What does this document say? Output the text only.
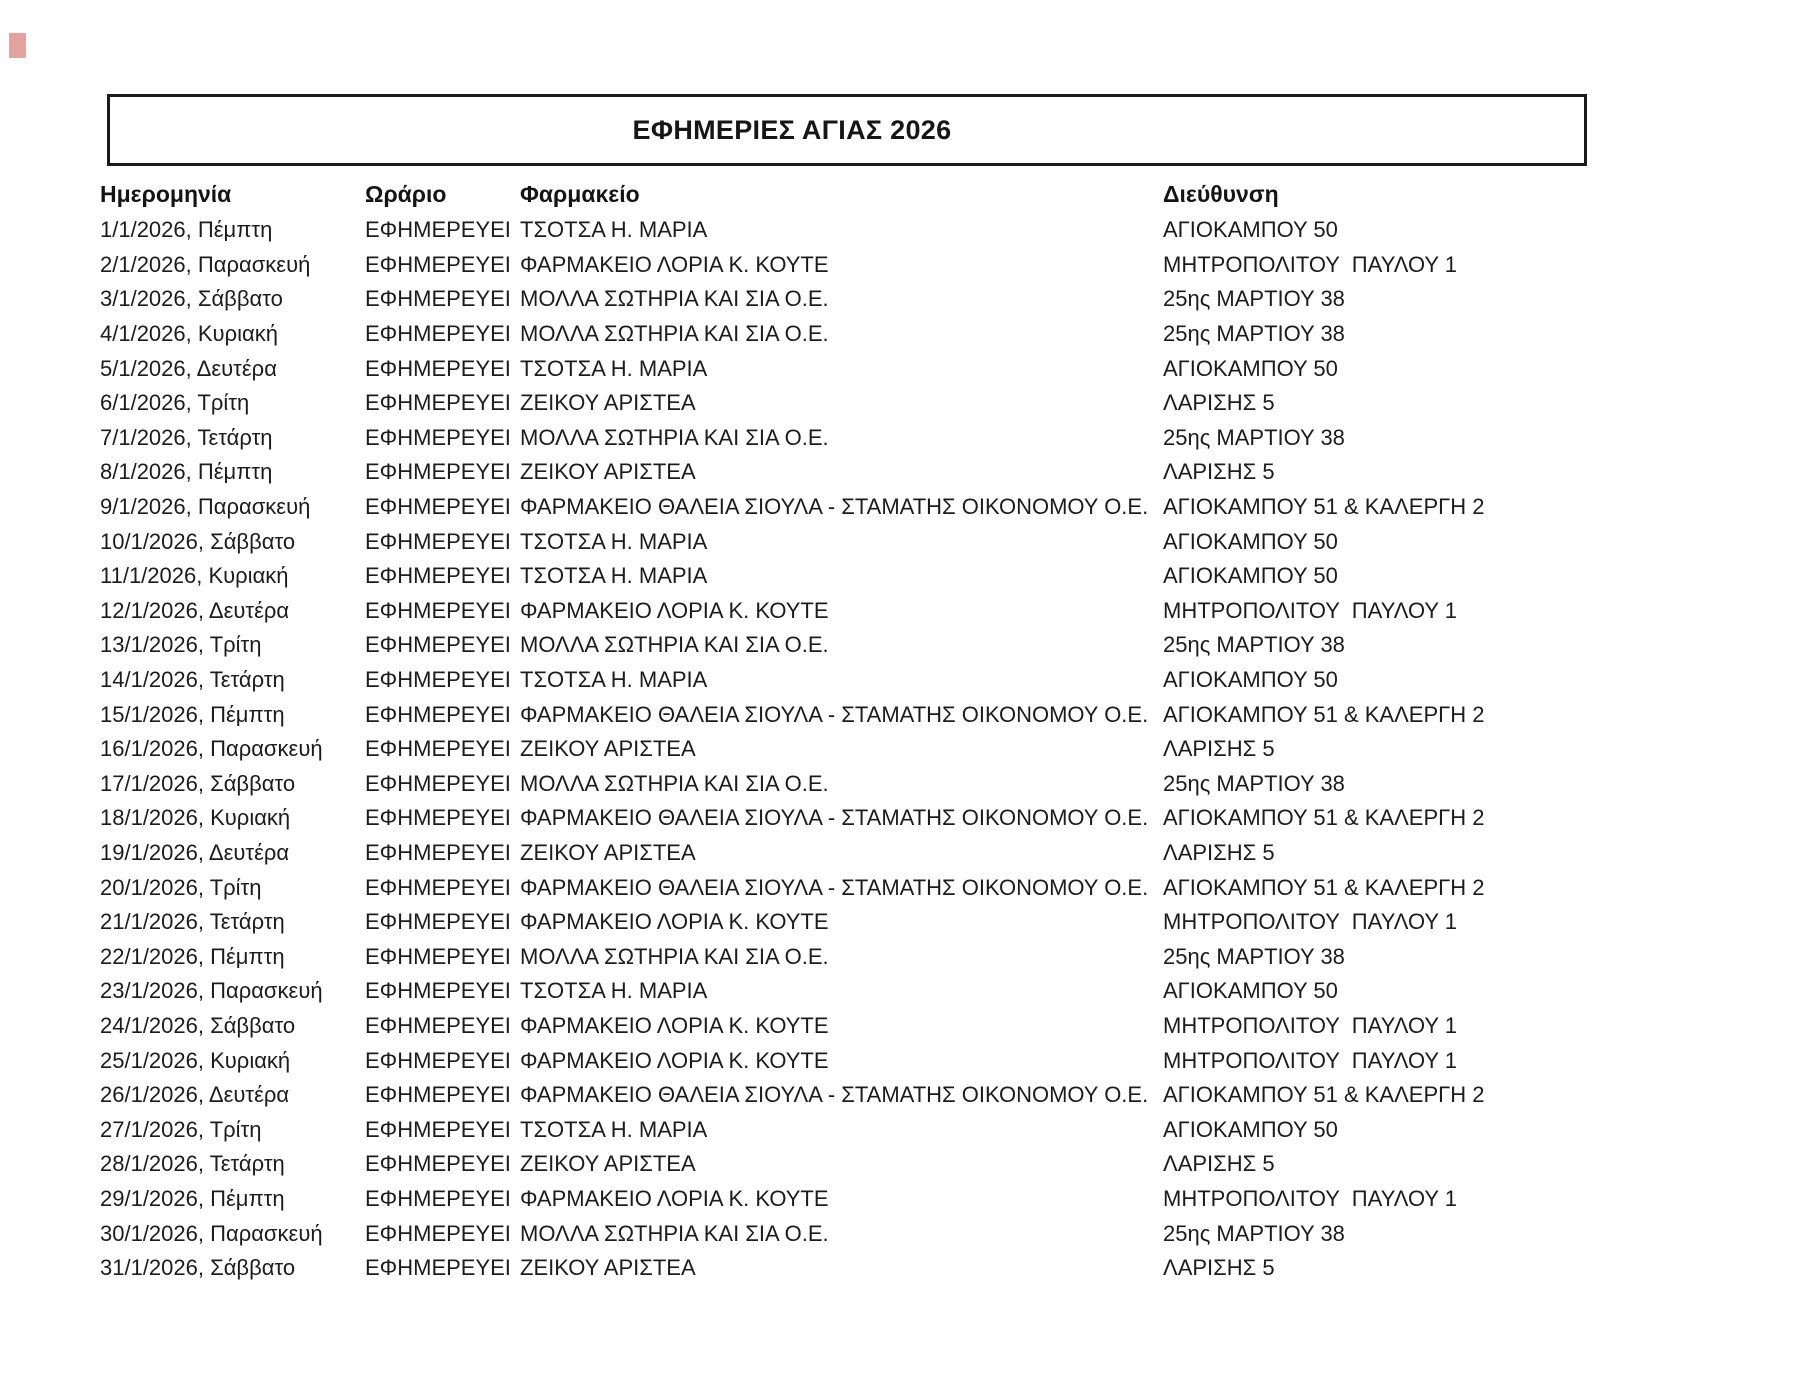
ΕΦΗΜΕΡΙΕΣ ΑΓΙΑΣ 2026
Ημερομηνία	Ωράριο	Φαρμακείο	Διεύθυνση
1/1/2026, Πέμπτη	ΕΦΗΜΕΡΕΥΕΙ	ΤΣΟΤΣΑ Η. ΜΑΡΙΑ	ΑΓΙΟΚΑΜΠΟΥ 50
2/1/2026, Παρασκευή	ΕΦΗΜΕΡΕΥΕΙ	ΦΑΡΜΑΚΕΙΟ ΛΟΡΙΑ Κ. ΚΟΥΤΕ	ΜΗΤΡΟΠΟΛΙΤΟΥ  ΠΑΥΛΟΥ 1
3/1/2026, Σάββατο	ΕΦΗΜΕΡΕΥΕΙ	ΜΟΛΛΑ ΣΩΤΗΡΙΑ ΚΑΙ ΣΙΑ Ο.Ε.	25ης ΜΑΡΤΙΟΥ 38
4/1/2026, Κυριακή	ΕΦΗΜΕΡΕΥΕΙ	ΜΟΛΛΑ ΣΩΤΗΡΙΑ ΚΑΙ ΣΙΑ Ο.Ε.	25ης ΜΑΡΤΙΟΥ 38
5/1/2026, Δευτέρα	ΕΦΗΜΕΡΕΥΕΙ	ΤΣΟΤΣΑ Η. ΜΑΡΙΑ	ΑΓΙΟΚΑΜΠΟΥ 50
6/1/2026, Τρίτη	ΕΦΗΜΕΡΕΥΕΙ	ΖΕΙΚΟΥ ΑΡΙΣΤΕΑ	ΛΑΡΙΣΗΣ 5
7/1/2026, Τετάρτη	ΕΦΗΜΕΡΕΥΕΙ	ΜΟΛΛΑ ΣΩΤΗΡΙΑ ΚΑΙ ΣΙΑ Ο.Ε.	25ης ΜΑΡΤΙΟΥ 38
8/1/2026, Πέμπτη	ΕΦΗΜΕΡΕΥΕΙ	ΖΕΙΚΟΥ ΑΡΙΣΤΕΑ	ΛΑΡΙΣΗΣ 5
9/1/2026, Παρασκευή	ΕΦΗΜΕΡΕΥΕΙ	ΦΑΡΜΑΚΕΙΟ ΘΑΛΕΙΑ ΣΙΟΥΛΑ - ΣΤΑΜΑΤΗΣ ΟΙΚΟΝΟΜΟΥ Ο.Ε.	ΑΓΙΟΚΑΜΠΟΥ 51 & ΚΑΛΕΡΓΗ 2
10/1/2026, Σάββατο	ΕΦΗΜΕΡΕΥΕΙ	ΤΣΟΤΣΑ Η. ΜΑΡΙΑ	ΑΓΙΟΚΑΜΠΟΥ 50
11/1/2026, Κυριακή	ΕΦΗΜΕΡΕΥΕΙ	ΤΣΟΤΣΑ Η. ΜΑΡΙΑ	ΑΓΙΟΚΑΜΠΟΥ 50
12/1/2026, Δευτέρα	ΕΦΗΜΕΡΕΥΕΙ	ΦΑΡΜΑΚΕΙΟ ΛΟΡΙΑ Κ. ΚΟΥΤΕ	ΜΗΤΡΟΠΟΛΙΤΟΥ  ΠΑΥΛΟΥ 1
13/1/2026, Τρίτη	ΕΦΗΜΕΡΕΥΕΙ	ΜΟΛΛΑ ΣΩΤΗΡΙΑ ΚΑΙ ΣΙΑ Ο.Ε.	25ης ΜΑΡΤΙΟΥ 38
14/1/2026, Τετάρτη	ΕΦΗΜΕΡΕΥΕΙ	ΤΣΟΤΣΑ Η. ΜΑΡΙΑ	ΑΓΙΟΚΑΜΠΟΥ 50
15/1/2026, Πέμπτη	ΕΦΗΜΕΡΕΥΕΙ	ΦΑΡΜΑΚΕΙΟ ΘΑΛΕΙΑ ΣΙΟΥΛΑ - ΣΤΑΜΑΤΗΣ ΟΙΚΟΝΟΜΟΥ Ο.Ε.	ΑΓΙΟΚΑΜΠΟΥ 51 & ΚΑΛΕΡΓΗ 2
16/1/2026, Παρασκευή	ΕΦΗΜΕΡΕΥΕΙ	ΖΕΙΚΟΥ ΑΡΙΣΤΕΑ	ΛΑΡΙΣΗΣ 5
17/1/2026, Σάββατο	ΕΦΗΜΕΡΕΥΕΙ	ΜΟΛΛΑ ΣΩΤΗΡΙΑ ΚΑΙ ΣΙΑ Ο.Ε.	25ης ΜΑΡΤΙΟΥ 38
18/1/2026, Κυριακή	ΕΦΗΜΕΡΕΥΕΙ	ΦΑΡΜΑΚΕΙΟ ΘΑΛΕΙΑ ΣΙΟΥΛΑ - ΣΤΑΜΑΤΗΣ ΟΙΚΟΝΟΜΟΥ Ο.Ε.	ΑΓΙΟΚΑΜΠΟΥ 51 & ΚΑΛΕΡΓΗ 2
19/1/2026, Δευτέρα	ΕΦΗΜΕΡΕΥΕΙ	ΖΕΙΚΟΥ ΑΡΙΣΤΕΑ	ΛΑΡΙΣΗΣ 5
20/1/2026, Τρίτη	ΕΦΗΜΕΡΕΥΕΙ	ΦΑΡΜΑΚΕΙΟ ΘΑΛΕΙΑ ΣΙΟΥΛΑ - ΣΤΑΜΑΤΗΣ ΟΙΚΟΝΟΜΟΥ Ο.Ε.	ΑΓΙΟΚΑΜΠΟΥ 51 & ΚΑΛΕΡΓΗ 2
21/1/2026, Τετάρτη	ΕΦΗΜΕΡΕΥΕΙ	ΦΑΡΜΑΚΕΙΟ ΛΟΡΙΑ Κ. ΚΟΥΤΕ	ΜΗΤΡΟΠΟΛΙΤΟΥ  ΠΑΥΛΟΥ 1
22/1/2026, Πέμπτη	ΕΦΗΜΕΡΕΥΕΙ	ΜΟΛΛΑ ΣΩΤΗΡΙΑ ΚΑΙ ΣΙΑ Ο.Ε.	25ης ΜΑΡΤΙΟΥ 38
23/1/2026, Παρασκευή	ΕΦΗΜΕΡΕΥΕΙ	ΤΣΟΤΣΑ Η. ΜΑΡΙΑ	ΑΓΙΟΚΑΜΠΟΥ 50
24/1/2026, Σάββατο	ΕΦΗΜΕΡΕΥΕΙ	ΦΑΡΜΑΚΕΙΟ ΛΟΡΙΑ Κ. ΚΟΥΤΕ	ΜΗΤΡΟΠΟΛΙΤΟΥ  ΠΑΥΛΟΥ 1
25/1/2026, Κυριακή	ΕΦΗΜΕΡΕΥΕΙ	ΦΑΡΜΑΚΕΙΟ ΛΟΡΙΑ Κ. ΚΟΥΤΕ	ΜΗΤΡΟΠΟΛΙΤΟΥ  ΠΑΥΛΟΥ 1
26/1/2026, Δευτέρα	ΕΦΗΜΕΡΕΥΕΙ	ΦΑΡΜΑΚΕΙΟ ΘΑΛΕΙΑ ΣΙΟΥΛΑ - ΣΤΑΜΑΤΗΣ ΟΙΚΟΝΟΜΟΥ Ο.Ε.	ΑΓΙΟΚΑΜΠΟΥ 51 & ΚΑΛΕΡΓΗ 2
27/1/2026, Τρίτη	ΕΦΗΜΕΡΕΥΕΙ	ΤΣΟΤΣΑ Η. ΜΑΡΙΑ	ΑΓΙΟΚΑΜΠΟΥ 50
28/1/2026, Τετάρτη	ΕΦΗΜΕΡΕΥΕΙ	ΖΕΙΚΟΥ ΑΡΙΣΤΕΑ	ΛΑΡΙΣΗΣ 5
29/1/2026, Πέμπτη	ΕΦΗΜΕΡΕΥΕΙ	ΦΑΡΜΑΚΕΙΟ ΛΟΡΙΑ Κ. ΚΟΥΤΕ	ΜΗΤΡΟΠΟΛΙΤΟΥ  ΠΑΥΛΟΥ 1
30/1/2026, Παρασκευή	ΕΦΗΜΕΡΕΥΕΙ	ΜΟΛΛΑ ΣΩΤΗΡΙΑ ΚΑΙ ΣΙΑ Ο.Ε.	25ης ΜΑΡΤΙΟΥ 38
31/1/2026, Σάββατο	ΕΦΗΜΕΡΕΥΕΙ	ΖΕΙΚΟΥ ΑΡΙΣΤΕΑ	ΛΑΡΙΣΗΣ 5
